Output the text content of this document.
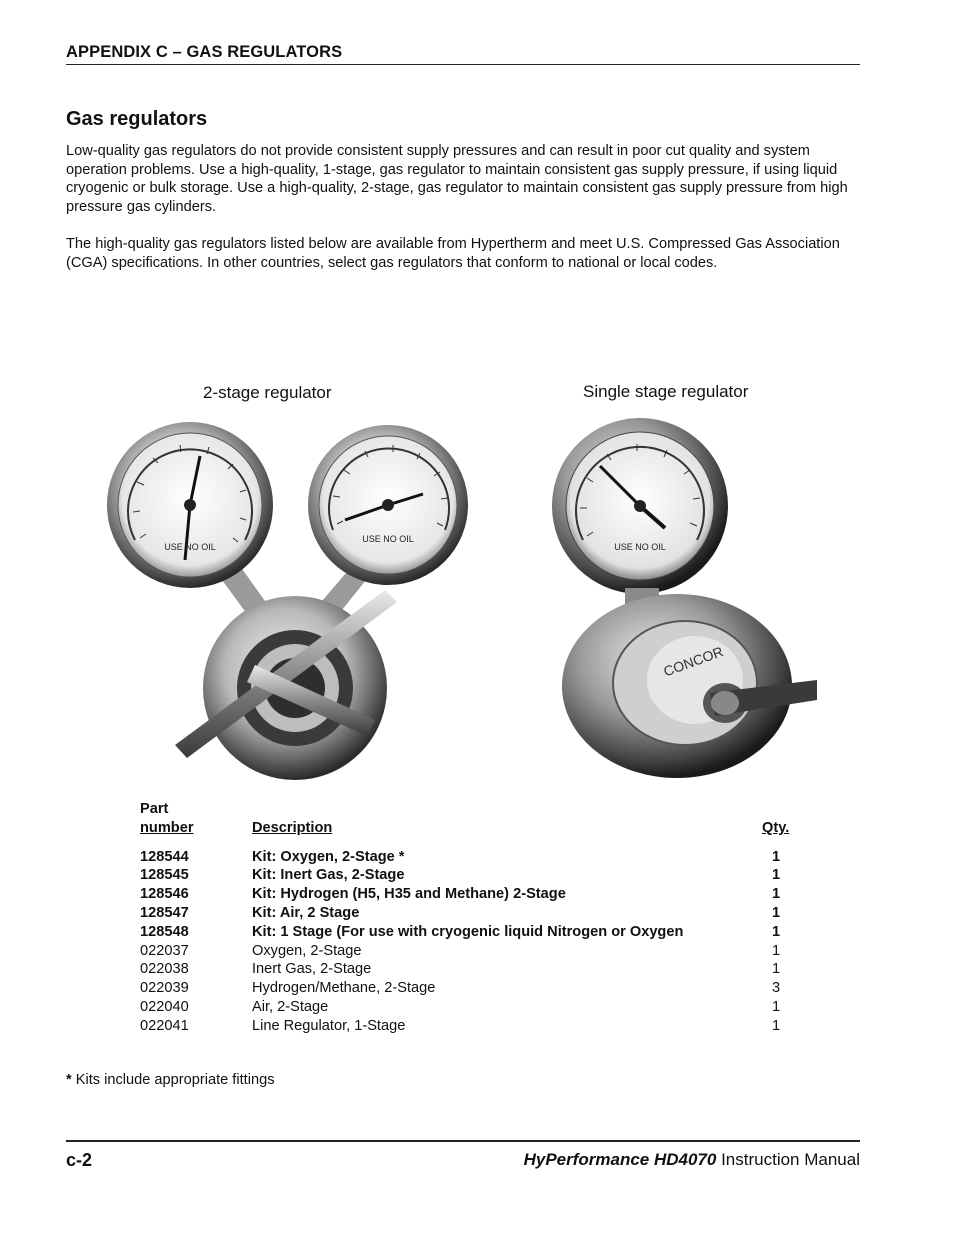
APPENDIX C – GAS REGULATORS
Gas regulators
Low-quality gas regulators do not provide consistent supply pressures and can result in poor cut quality and system operation problems. Use a high-quality, 1-stage, gas regulator to maintain consistent gas supply pressure, if using liquid cryogenic or bulk storage. Use a high-quality, 2-stage, gas regulator to maintain consistent gas supply pressure from high pressure gas cylinders.
The high-quality gas regulators listed below are available from Hypertherm and meet U.S. Compressed Gas Association (CGA) specifications. In other countries, select gas regulators that conform to national or local codes.
2-stage regulator	Single stage regulator
USE NO OIL
USE NO OIL
USE NO OIL
CONCOR
Part		
number	Description	Qty.

128544	Kit: Oxygen, 2-Stage *	1
128545	Kit: Inert Gas, 2-Stage	1
128546	Kit: Hydrogen (H5, H35 and Methane) 2-Stage	1
128547	Kit: Air, 2 Stage	1
128548	Kit: 1 Stage (For use with cryogenic liquid Nitrogen or Oxygen	1
022037	Oxygen, 2-Stage	1
022038	Inert Gas, 2-Stage	1
022039	Hydrogen/Methane, 2-Stage	3
022040	Air, 2-Stage	1
022041	Line Regulator, 1-Stage	1
* Kits include appropriate fittings
c-2	HyPerformance HD4070 Instruction Manual
